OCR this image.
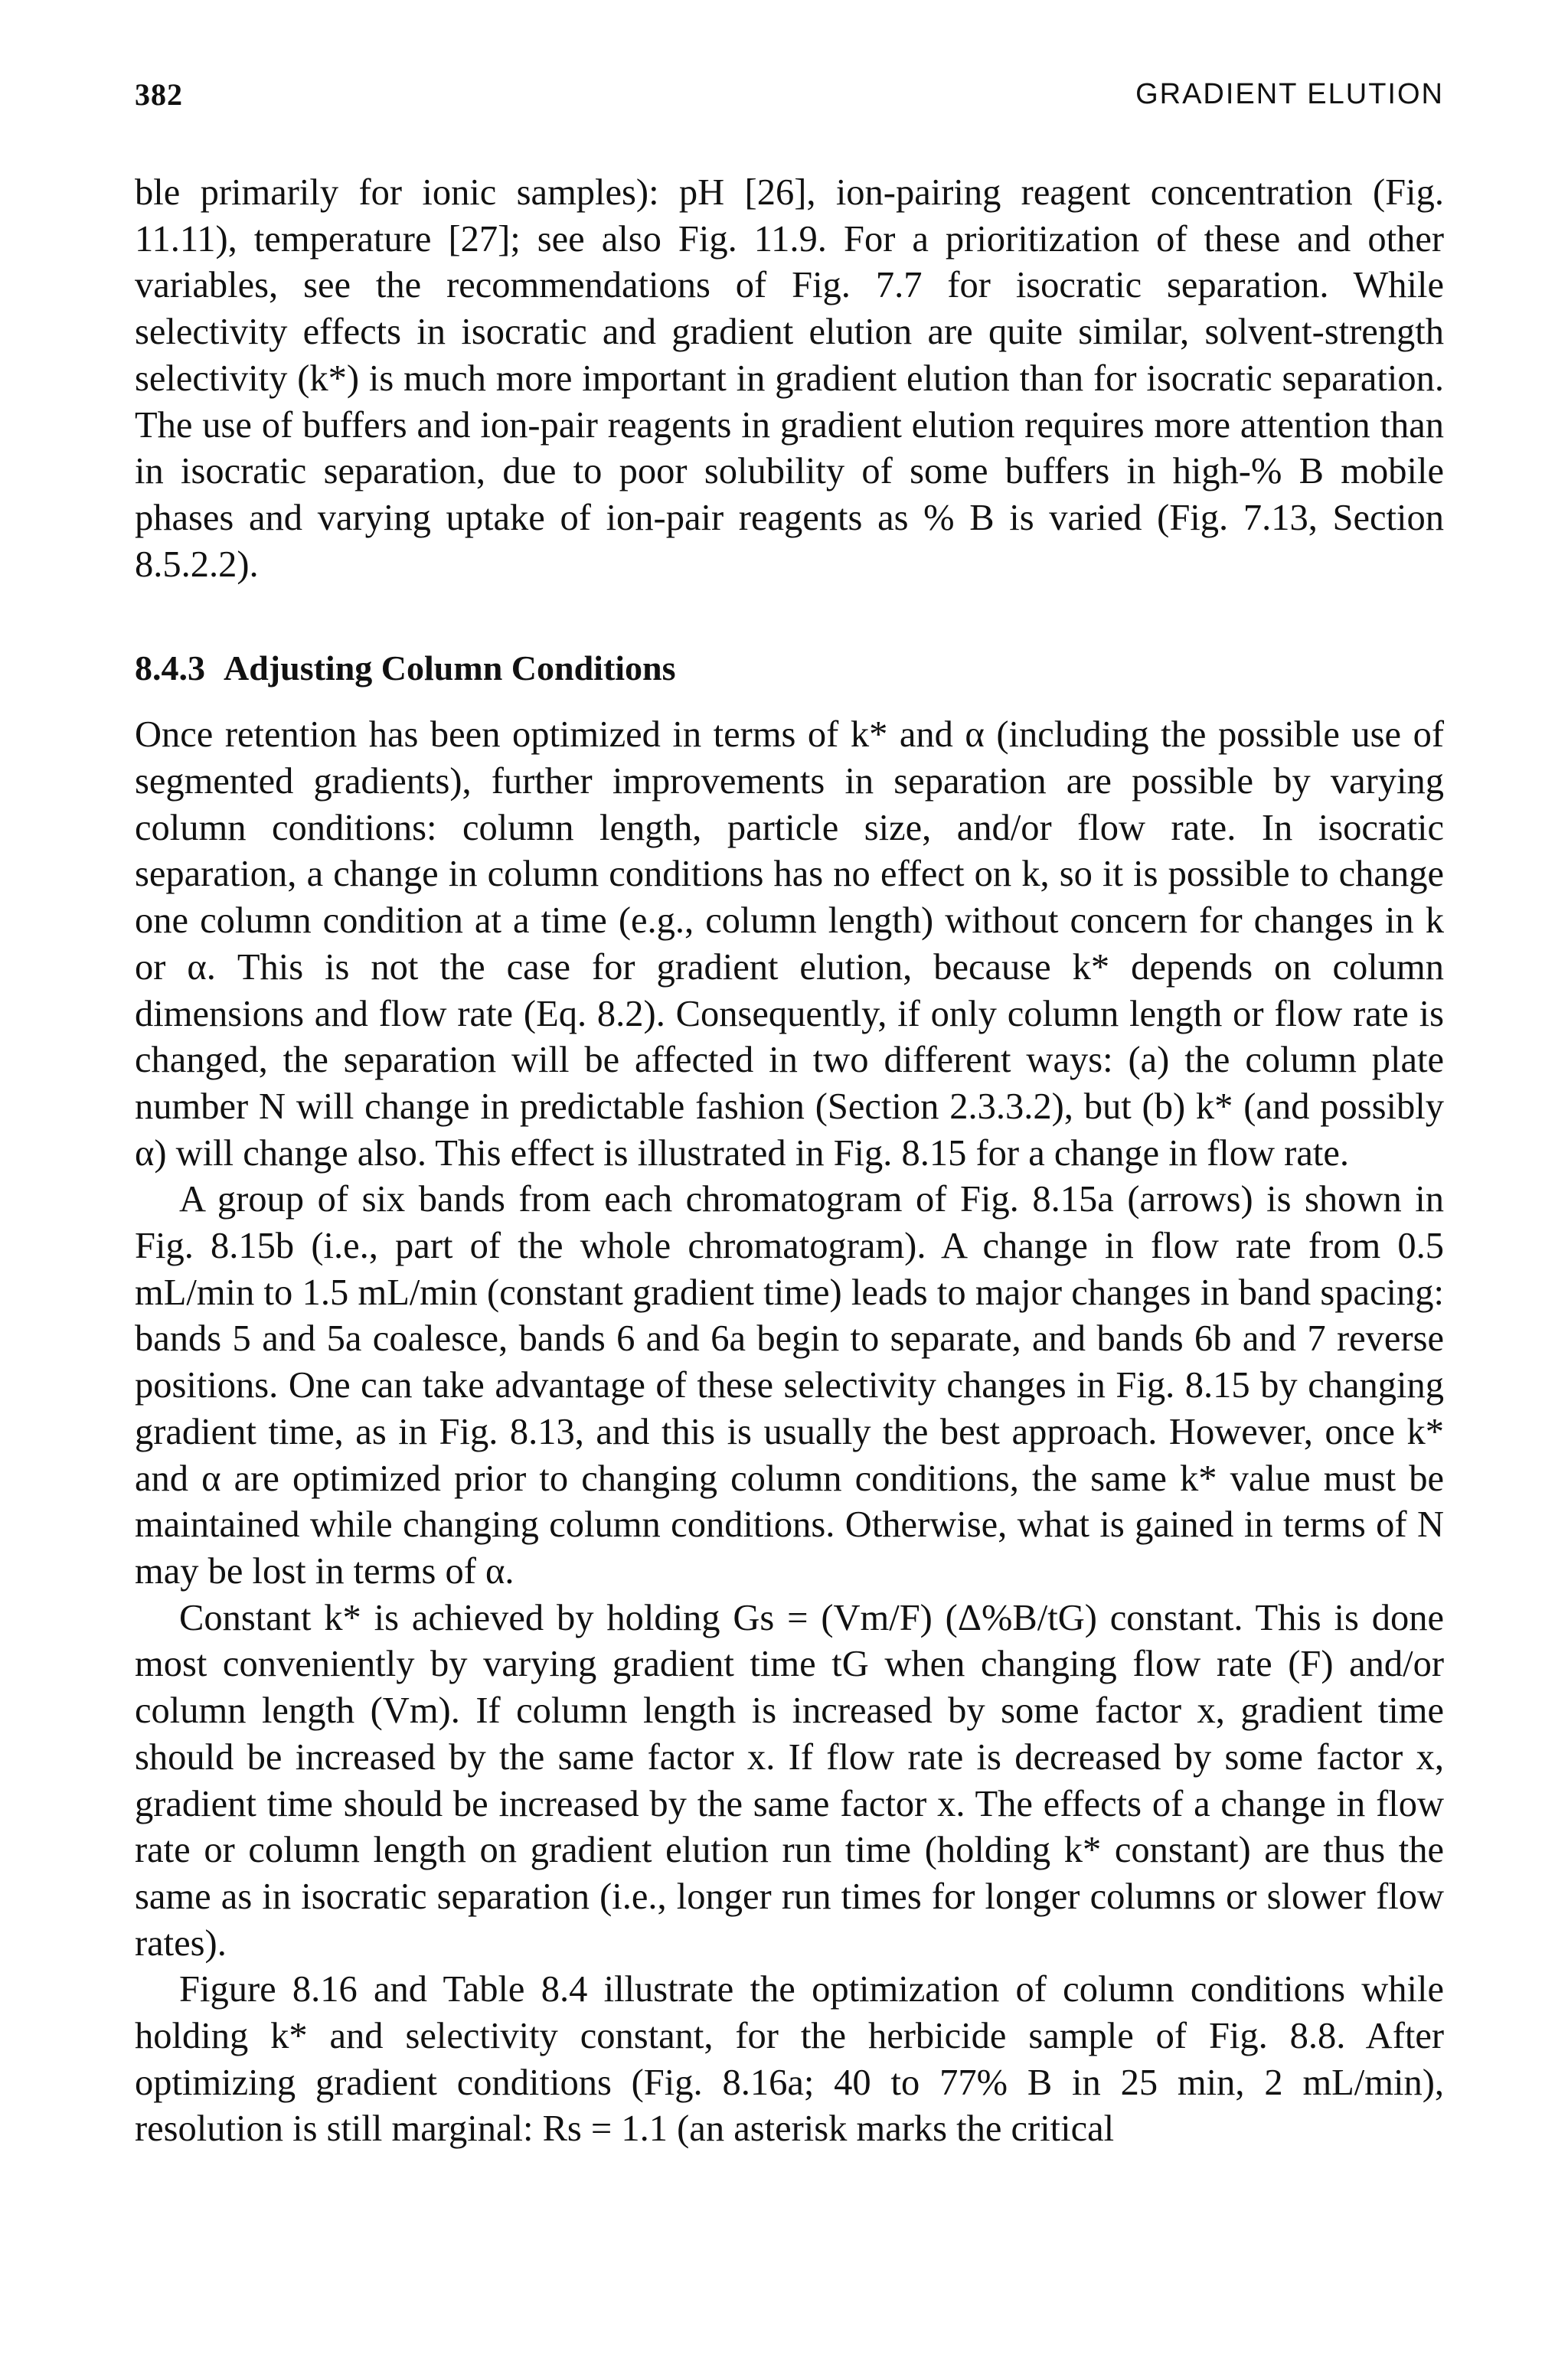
382	GRADIENT ELUTION

ble primarily for ionic samples): pH [26], ion-pairing reagent concentration (Fig. 11.11), temperature [27]; see also Fig. 11.9. For a prioritization of these and other variables, see the recommendations of Fig. 7.7 for isocratic separation. While selectivity effects in isocratic and gradient elution are quite similar, solvent-strength selectivity (k*) is much more important in gradient elution than for isocratic separation. The use of buffers and ion-pair reagents in gradient elution requires more attention than in isocratic separation, due to poor solubility of some buffers in high-% B mobile phases and varying uptake of ion-pair reagents as % B is varied (Fig. 7.13, Section 8.5.2.2).

8.4.3 Adjusting Column Conditions

Once retention has been optimized in terms of k* and α (including the possible use of segmented gradients), further improvements in separation are possible by varying column conditions: column length, particle size, and/or flow rate. In isocratic separation, a change in column conditions has no effect on k, so it is possible to change one column condition at a time (e.g., column length) without concern for changes in k or α. This is not the case for gradient elution, because k* depends on column dimensions and flow rate (Eq. 8.2). Consequently, if only column length or flow rate is changed, the separation will be affected in two different ways: (a) the column plate number N will change in predictable fashion (Section 2.3.3.2), but (b) k* (and possibly α) will change also. This effect is illustrated in Fig. 8.15 for a change in flow rate.

A group of six bands from each chromatogram of Fig. 8.15a (arrows) is shown in Fig. 8.15b (i.e., part of the whole chromatogram). A change in flow rate from 0.5 mL/min to 1.5 mL/min (constant gradient time) leads to major changes in band spacing: bands 5 and 5a coalesce, bands 6 and 6a begin to separate, and bands 6b and 7 reverse positions. One can take advantage of these selectivity changes in Fig. 8.15 by changing gradient time, as in Fig. 8.13, and this is usually the best approach. However, once k* and α are optimized prior to changing column conditions, the same k* value must be maintained while changing column conditions. Otherwise, what is gained in terms of N may be lost in terms of α.

Constant k* is achieved by holding Gs = (Vm/F) (Δ%B/tG) constant. This is done most conveniently by varying gradient time tG when changing flow rate (F) and/or column length (Vm). If column length is increased by some factor x, gradient time should be increased by the same factor x. If flow rate is decreased by some factor x, gradient time should be increased by the same factor x. The effects of a change in flow rate or column length on gradient elution run time (holding k* constant) are thus the same as in isocratic separation (i.e., longer run times for longer columns or slower flow rates).

Figure 8.16 and Table 8.4 illustrate the optimization of column conditions while holding k* and selectivity constant, for the herbicide sample of Fig. 8.8. After optimizing gradient conditions (Fig. 8.16a; 40 to 77% B in 25 min, 2 mL/min), resolution is still marginal: Rs = 1.1 (an asterisk marks the critical
